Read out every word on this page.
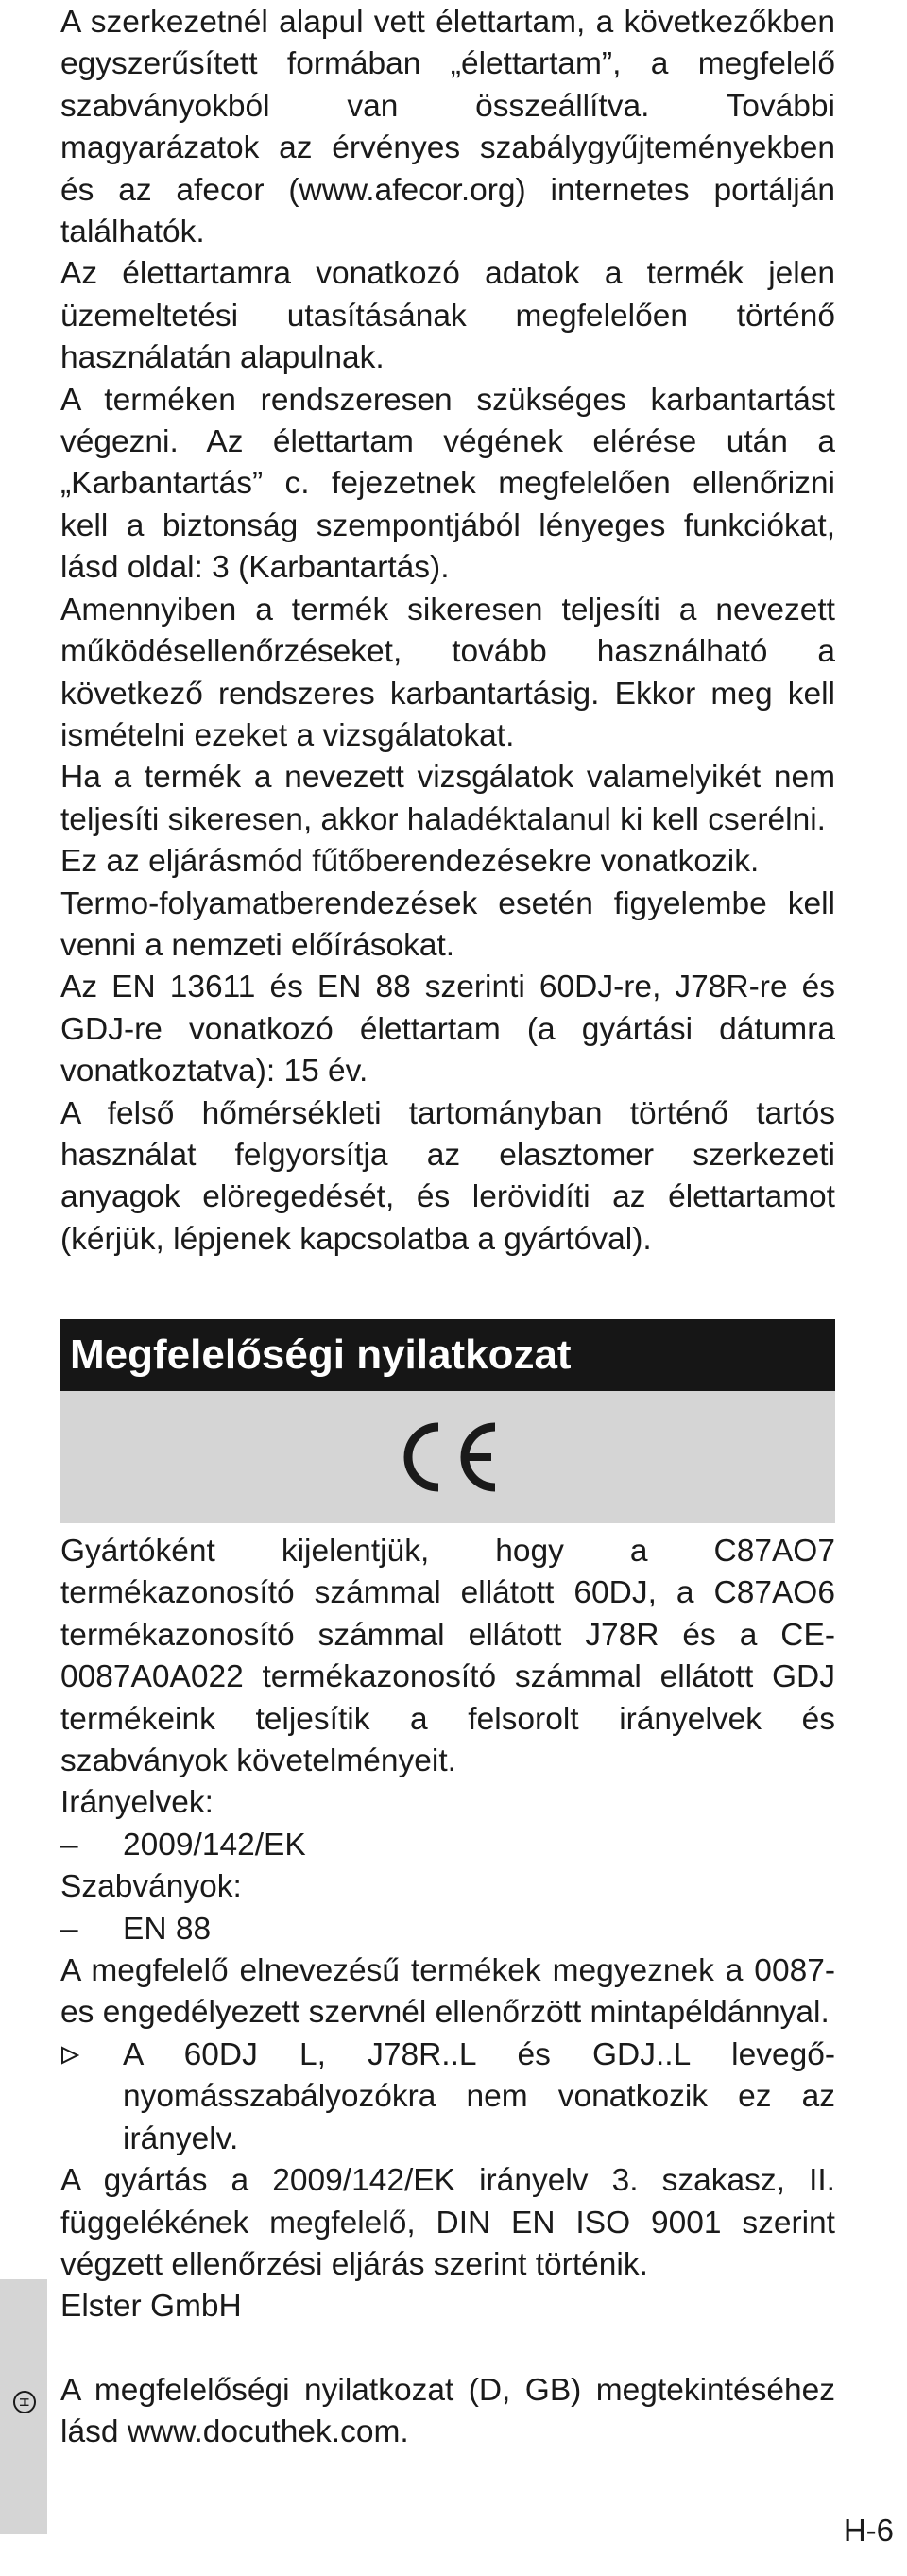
A szerkezetnél alapul vett élettartam, a következőkben egyszerűsített formában „élettartam”, a megfelelő szabványokból van összeállítva. További magyarázatok az érvényes szabálygyűjteményekben és az afecor (www.afecor.org) internetes portálján találhatók.

Az élettartamra vonatkozó adatok a termék jelen üzemeltetési utasításának megfelelően történő használatán alapulnak.

A terméken rendszeresen szükséges karbantartást végezni. Az élettartam végének elérése után a „Karbantartás” c. fejezetnek megfelelően ellenőrizni kell a biztonság szempontjából lényeges funkciókat, lásd oldal: 3 (Karbantartás).

Amennyiben a termék sikeresen teljesíti a nevezett működésellenőrzéseket, tovább használható a következő rendszeres karbantartásig. Ekkor meg kell ismételni ezeket a vizsgálatokat.

Ha a termék a nevezett vizsgálatok valamelyikét nem teljesíti sikeresen, akkor haladéktalanul ki kell cserélni.

Ez az eljárásmód fűtőberendezésekre vonatkozik.

Termo-folyamatberendezések esetén figyelembe kell venni a nemzeti előírásokat.

Az EN 13611 és EN 88 szerinti 60DJ-re, J78R-re és GDJ-re vonatkozó élettartam (a gyártási dátumra vonatkoztatva): 15 év.

A felső hőmérsékleti tartományban történő tartós használat felgyorsítja az elasztomer szerkezeti anyagok elöregedését, és lerövidíti az élettartamot (kérjük, lépjenek kapcsolatba a gyártóval).

Megfelelőségi nyilatkozat

Gyártóként kijelentjük, hogy a C87AO7 termékazonosító számmal ellátott 60DJ, a C87AO6 termékazonosító számmal ellátott J78R és a CE-0087A0A022 termékazonosító számmal ellátott GDJ termékeink teljesítik a felsorolt irányelvek és szabványok követelményeit.

Irányelvek:

– 2009/142/EK

Szabványok:

– EN 88

A megfelelő elnevezésű termékek megyeznek a 0087-es engedélyezett szervnél ellenőrzött mintapéldánnyal.

A 60DJ L, J78R..L és GDJ..L levegő-nyomásszabályozókra nem vonatkozik ez az irányelv.

A gyártás a 2009/142/EK irányelv 3. szakasz, II. függelékének megfelelő, DIN EN ISO 9001 szerint végzett ellenőrzési eljárás szerint történik.

Elster GmbH

H A megfelelőségi nyilatkozat (D, GB) megtekintéséhez lásd www.docuthek.com.

H-6
